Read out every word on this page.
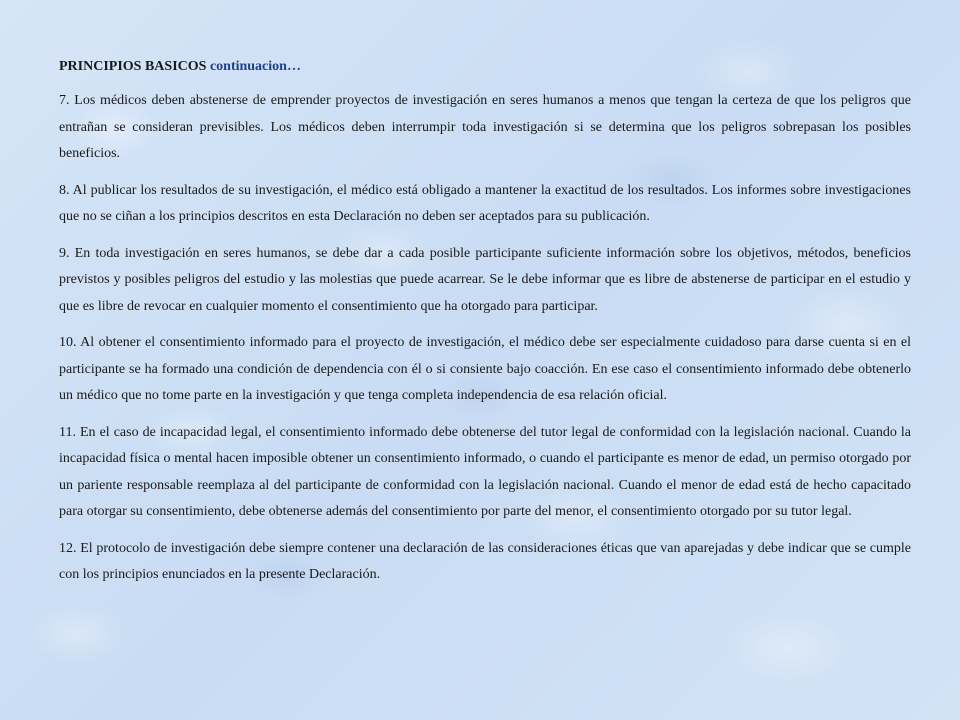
PRINCIPIOS BASICOS continuacion…

7. Los médicos deben abstenerse de emprender proyectos de investigación en seres humanos a menos que tengan la certeza de que los peligros que entrañan se consideran previsibles. Los médicos deben interrumpir toda investigación si se determina que los peligros sobrepasan los posibles beneficios.

8. Al publicar los resultados de su investigación, el médico está obligado a mantener la exactitud de los resultados. Los informes sobre investigaciones que no se ciñan a los principios descritos en esta Declaración no deben ser aceptados para su publicación.

9. En toda investigación en seres humanos, se debe dar a cada posible participante suficiente información sobre los objetivos, métodos, beneficios previstos y posibles peligros del estudio y las molestias que puede acarrear. Se le debe informar que es libre de abstenerse de participar en el estudio y que es libre de revocar en cualquier momento el consentimiento que ha otorgado para participar.

10. Al obtener el consentimiento informado para el proyecto de investigación, el médico debe ser especialmente cuidadoso para darse cuenta si en el participante se ha formado una condición de dependencia con él o si consiente bajo coacción. En ese caso el consentimiento informado debe obtenerlo un médico que no tome parte en la investigación y que tenga completa independencia de esa relación oficial.

11. En el caso de incapacidad legal, el consentimiento informado debe obtenerse del tutor legal de conformidad con la legislación nacional. Cuando la incapacidad física o mental hacen imposible obtener un consentimiento informado, o cuando el participante es menor de edad, un permiso otorgado por un pariente responsable reemplaza al del participante de conformidad con la legislación nacional. Cuando el menor de edad está de hecho capacitado para otorgar su consentimiento, debe obtenerse además del consentimiento por parte del menor, el consentimiento otorgado por su tutor legal.

12. El protocolo de investigación debe siempre contener una declaración de las consideraciones éticas que van aparejadas y debe indicar que se cumple con los principios enunciados en la presente Declaración.
